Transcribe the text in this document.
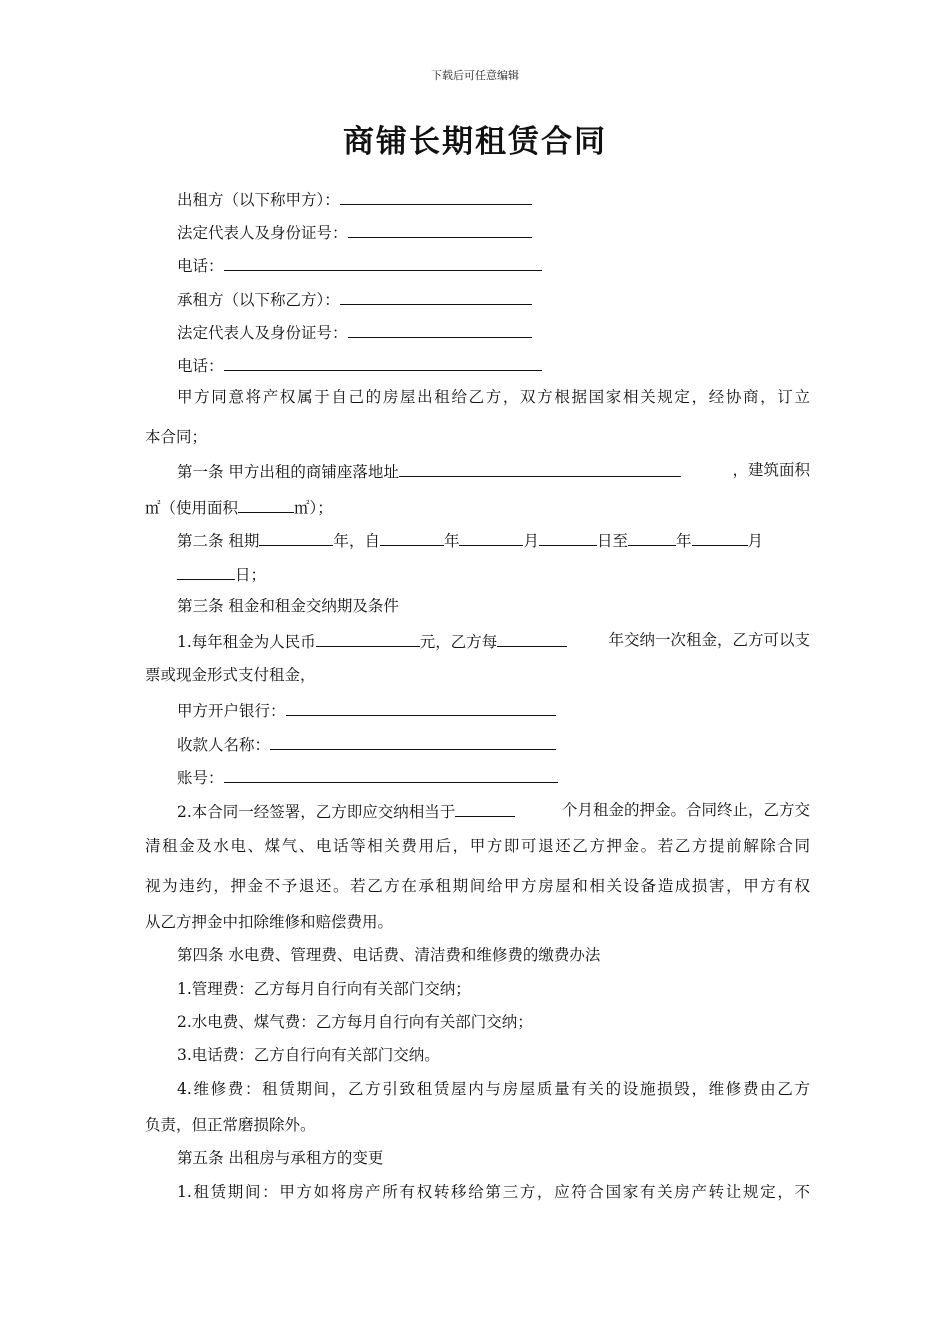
下载后可任意编辑
商铺长期租赁合同
出租方（以下称甲方）：
法定代表人及身份证号：
电话：
承租方（以下称乙方）：
法定代表人及身份证号：
电话：
甲方同意将产权属于自己的房屋出租给乙方，双方根据国家相关规定，经协商，订立
本合同；
第一条 甲方出租的商铺座落地址	，建筑面积
㎡（使用面积	㎡）；
第二条 租期	年，自	年	月	日至	年	月
日；
第三条 租金和租金交纳期及条件
1.每年租金为人民币	元，乙方每	年交纳一次租金，乙方可以支
票或现金形式支付租金，
甲方开户银行：
收款人名称：
账号：
2.本合同一经签署，乙方即应交纳相当于	个月租金的押金。合同终止，乙方交
清租金及水电、煤气、电话等相关费用后，甲方即可退还乙方押金。若乙方提前解除合同
视为违约，押金不予退还。若乙方在承租期间给甲方房屋和相关设备造成损害，甲方有权
从乙方押金中扣除维修和赔偿费用。
第四条 水电费、管理费、电话费、清洁费和维修费的缴费办法
1.管理费：乙方每月自行向有关部门交纳；
2.水电费、煤气费：乙方每月自行向有关部门交纳；
3.电话费：乙方自行向有关部门交纳。
4.维修费：租赁期间，乙方引致租赁屋内与房屋质量有关的设施损毁，维修费由乙方
负责，但正常磨损除外。
第五条 出租房与承租方的变更
1.租赁期间：甲方如将房产所有权转移给第三方，应符合国家有关房产转让规定，不
